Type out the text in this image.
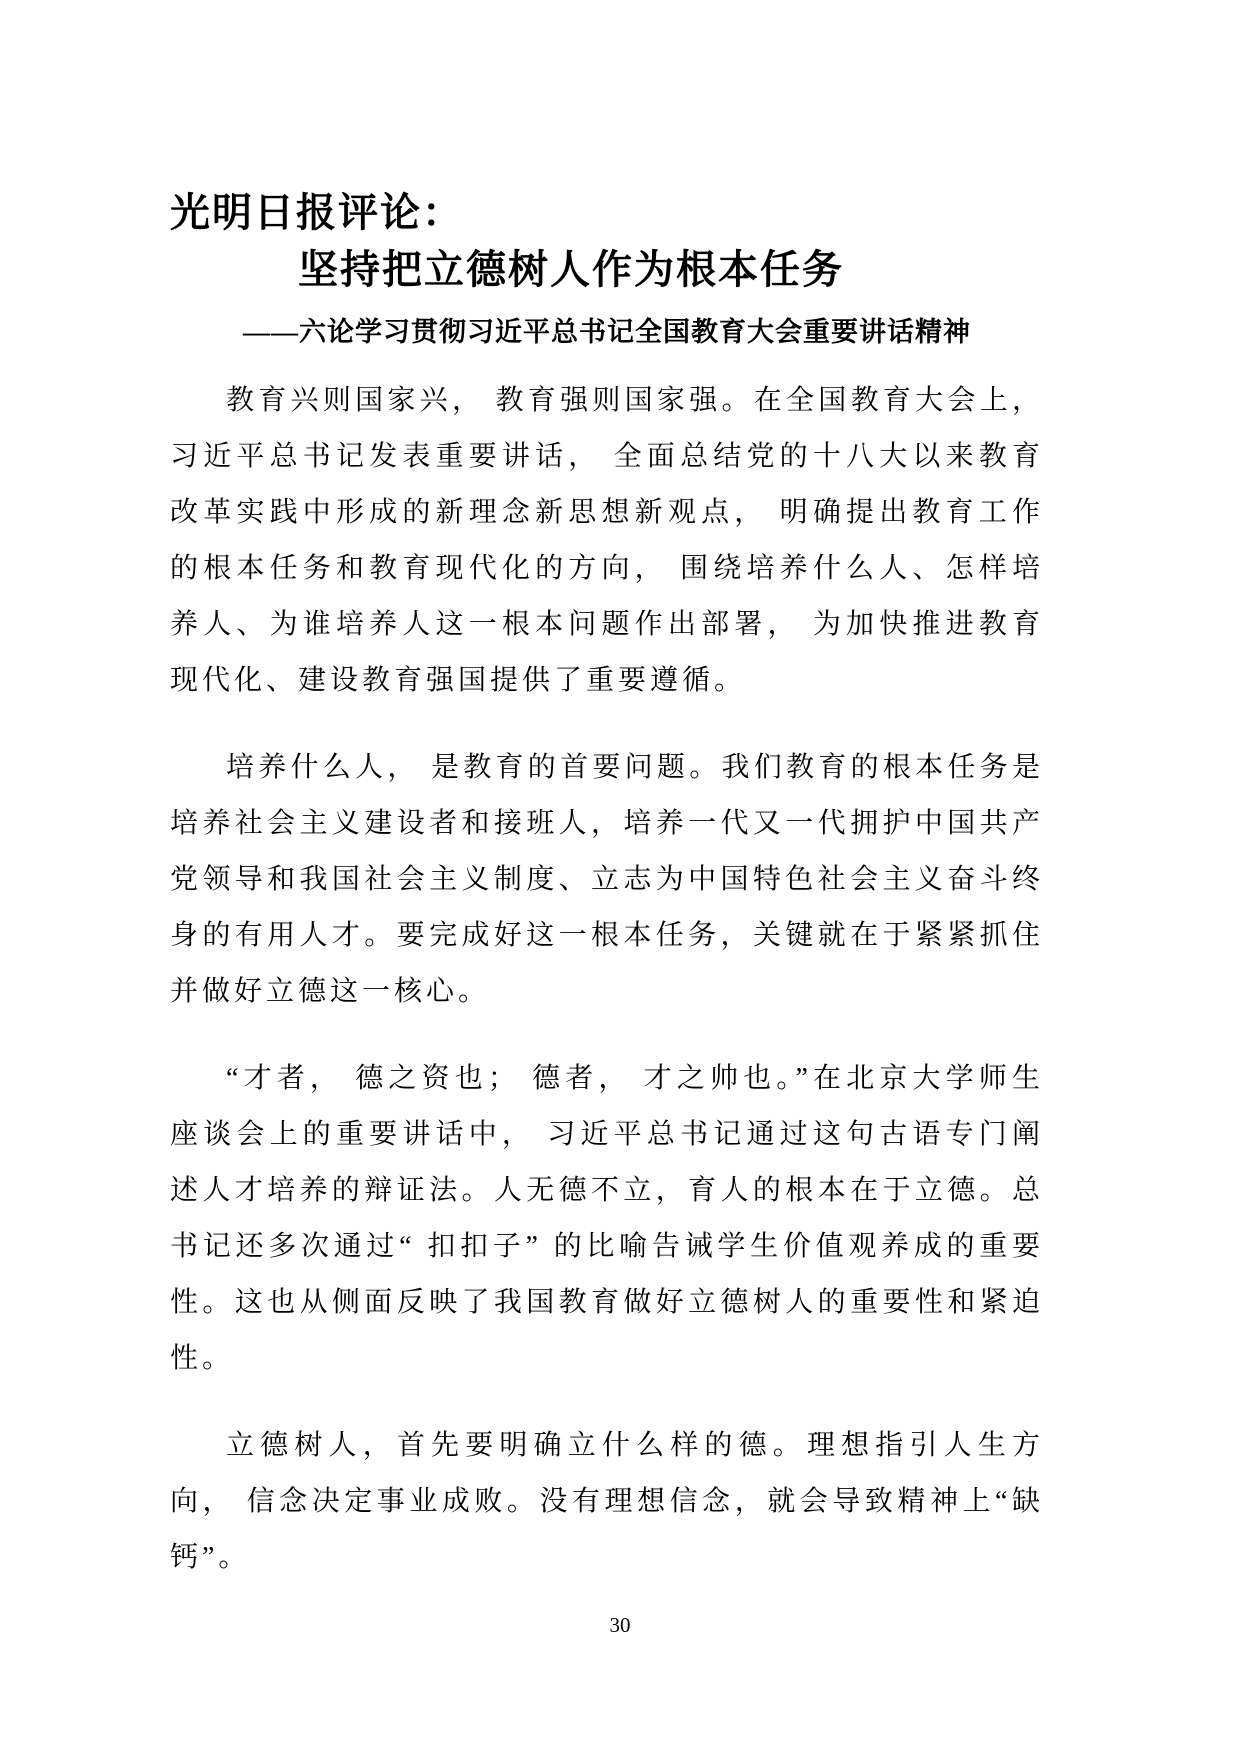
光明日报评论：
坚持把立德树人作为根本任务
——六论学习贯彻习近平总书记全国教育大会重要讲话精神

教育兴则国家兴， 教育强则国家强。在全国教育大会上，习近平总书记发表重要讲话， 全面总结党的十八大以来教育改革实践中形成的新理念新思想新观点， 明确提出教育工作的根本任务和教育现代化的方向， 围绕培养什么人、怎样培养人、为谁培养人这一根本问题作出部署， 为加快推进教育现代化、建设教育强国提供了重要遵循。

培养什么人， 是教育的首要问题。我们教育的根本任务是培养社会主义建设者和接班人，培养一代又一代拥护中国共产党领导和我国社会主义制度、立志为中国特色社会主义奋斗终身的有用人才。要完成好这一根本任务，关键就在于紧紧抓住并做好立德这一核心。

“才者， 德之资也； 德者， 才之帅也。”在北京大学师生座谈会上的重要讲话中， 习近平总书记通过这句古语专门阐述人才培养的辩证法。人无德不立，育人的根本在于立德。总书记还多次通过“ 扣扣子” 的比喻告诫学生价值观养成的重要性。这也从侧面反映了我国教育做好立德树人的重要性和紧迫性。

立德树人，首先要明确立什么样的德。理想指引人生方向， 信念决定事业成败。没有理想信念，就会导致精神上“缺钙”。

30
